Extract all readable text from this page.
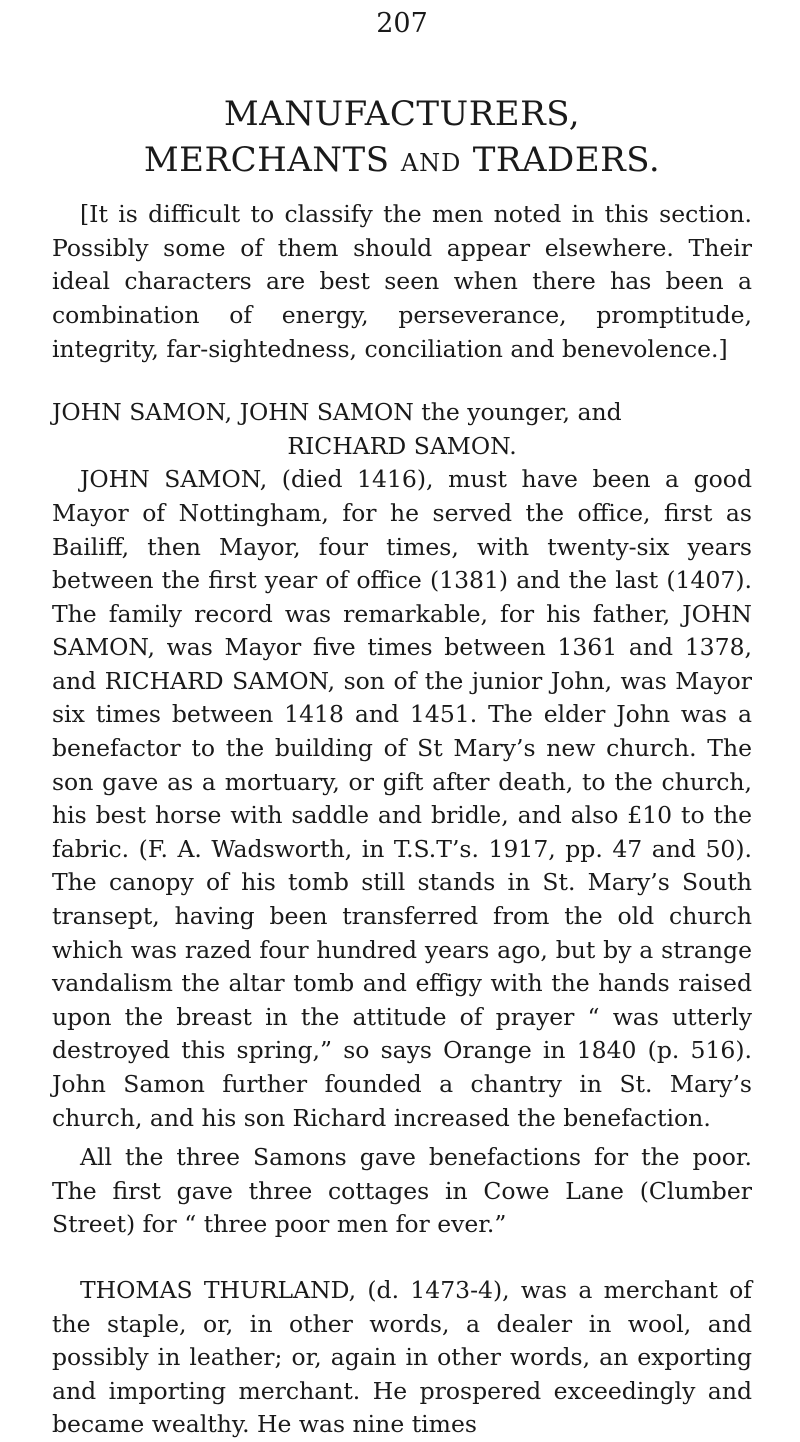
207
MANUFACTURERS,
MERCHANTS AND TRADERS.

[It is difficult to classify the men noted in this section. Possibly some of them should appear elsewhere. Their ideal characters are best seen when there has been a combination of energy, perseverance, promptitude, integrity, far-sightedness, conciliation and benevolence.]

JOHN SAMON, JOHN SAMON the younger, and

RICHARD SAMON.

JOHN SAMON, (died 1416), must have been a good Mayor of Nottingham, for he served the office, first as Bailiff, then Mayor, four times, with twenty-six years between the first year of office (1381) and the last (1407). The family record was remarkable, for his father, JOHN SAMON, was Mayor five times between 1361 and 1378, and RICHARD SAMON, son of the junior John, was Mayor six times between 1418 and 1451. The elder John was a benefactor to the building of St Mary’s new church. The son gave as a mortuary, or gift after death, to the church, his best horse with saddle and bridle, and also £10 to the fabric. (F. A. Wadsworth, in T.S.T’s. 1917, pp. 47 and 50). The canopy of his tomb still stands in St. Mary’s South transept, having been transferred from the old church which was razed four hundred years ago, but by a strange vandalism the altar tomb and effigy with the hands raised upon the breast in the attitude of prayer “ was utterly destroyed this spring,” so says Orange in 1840 (p. 516). John Samon further founded a chantry in St. Mary’s church, and his son Richard increased the benefaction.

All the three Samons gave benefactions for the poor. The first gave three cottages in Cowe Lane (Clumber Street) for “ three poor men for ever.”

THOMAS THURLAND, (d. 1473-4), was a merchant of the staple, or, in other words, a dealer in wool, and possibly in leather; or, again in other words, an exporting and importing merchant. He prospered exceedingly and became wealthy. He was nine times
